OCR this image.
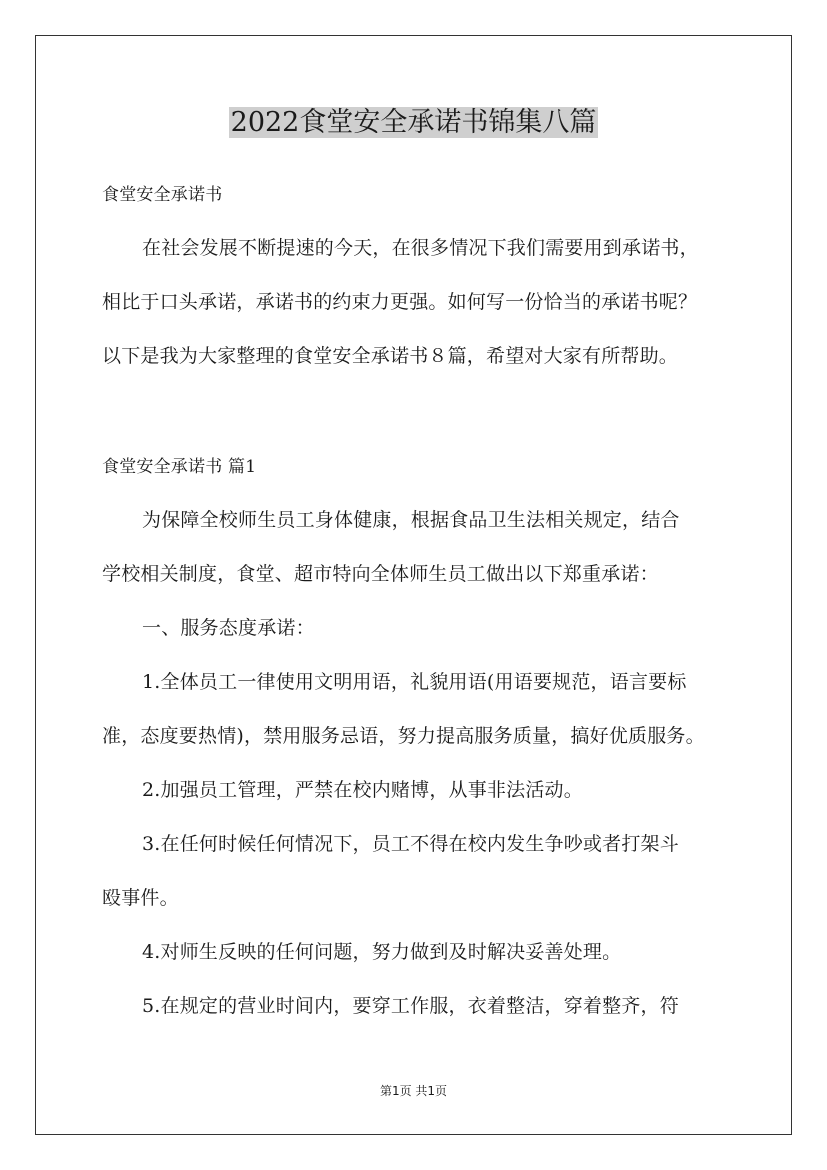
2022食堂安全承诺书锦集八篇
食堂安全承诺书
在社会发展不断提速的今天，在很多情况下我们需要用到承诺书，
相比于口头承诺，承诺书的约束力更强。如何写一份恰当的承诺书呢？
以下是我为大家整理的食堂安全承诺书８篇，希望对大家有所帮助。
食堂安全承诺书 篇1
为保障全校师生员工身体健康，根据食品卫生法相关规定，结合
学校相关制度，食堂、超市特向全体师生员工做出以下郑重承诺：
一、服务态度承诺：
1.全体员工一律使用文明用语，礼貌用语(用语要规范，语言要标
准，态度要热情)，禁用服务忌语，努力提高服务质量，搞好优质服务。
2.加强员工管理，严禁在校内赌博，从事非法活动。
3.在任何时候任何情况下，员工不得在校内发生争吵或者打架斗
殴事件。
4.对师生反映的任何问题，努力做到及时解决妥善处理。
5.在规定的营业时间内，要穿工作服，衣着整洁，穿着整齐，符
第1页 共1页
